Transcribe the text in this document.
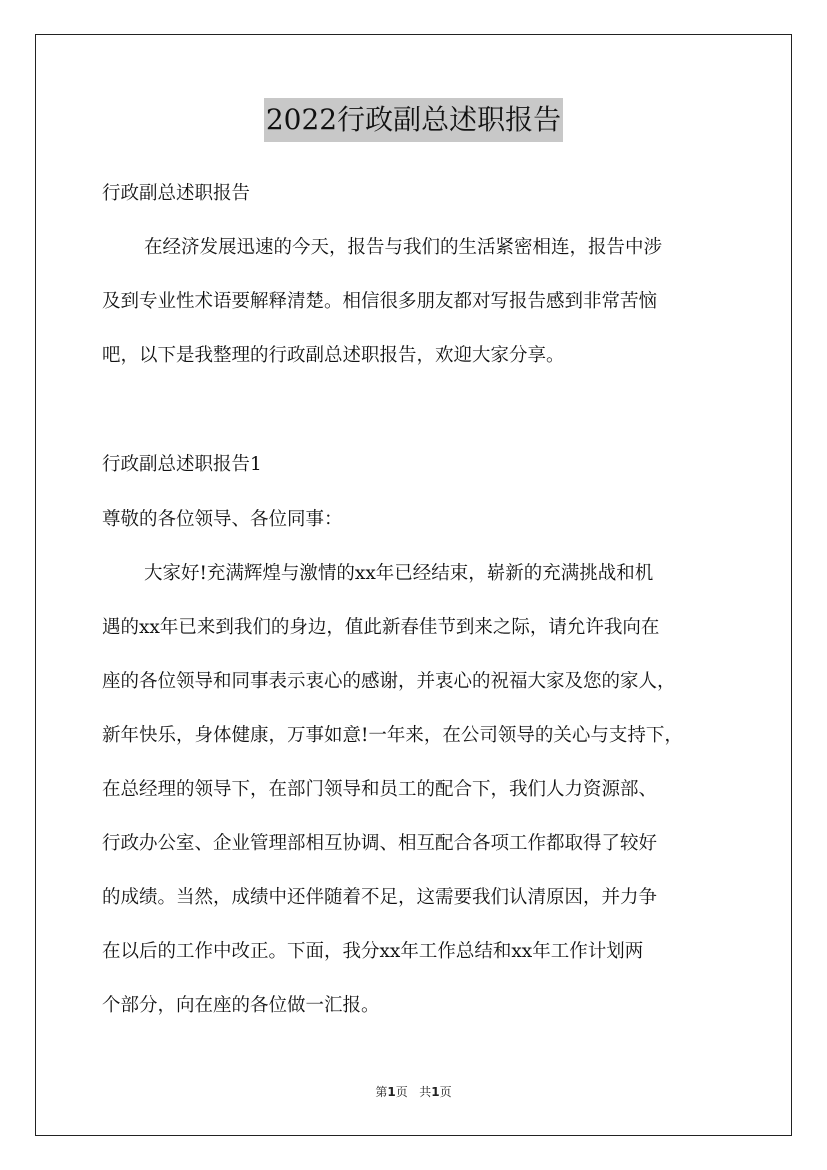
2022行政副总述职报告
行政副总述职报告
在经济发展迅速的今天，报告与我们的生活紧密相连，报告中涉
及到专业性术语要解释清楚。相信很多朋友都对写报告感到非常苦恼
吧，以下是我整理的行政副总述职报告，欢迎大家分享。
行政副总述职报告1
尊敬的各位领导、各位同事：
大家好!充满辉煌与激情的xx年已经结束，崭新的充满挑战和机
遇的xx年已来到我们的身边，值此新春佳节到来之际，请允许我向在
座的各位领导和同事表示衷心的感谢，并衷心的祝福大家及您的家人，
新年快乐，身体健康，万事如意!一年来，在公司领导的关心与支持下，
在总经理的领导下，在部门领导和员工的配合下，我们人力资源部、
行政办公室、企业管理部相互协调、相互配合各项工作都取得了较好
的成绩。当然，成绩中还伴随着不足，这需要我们认清原因，并力争
在以后的工作中改正。下面，我分xx年工作总结和xx年工作计划两
个部分，向在座的各位做一汇报。
第1页   共1页
